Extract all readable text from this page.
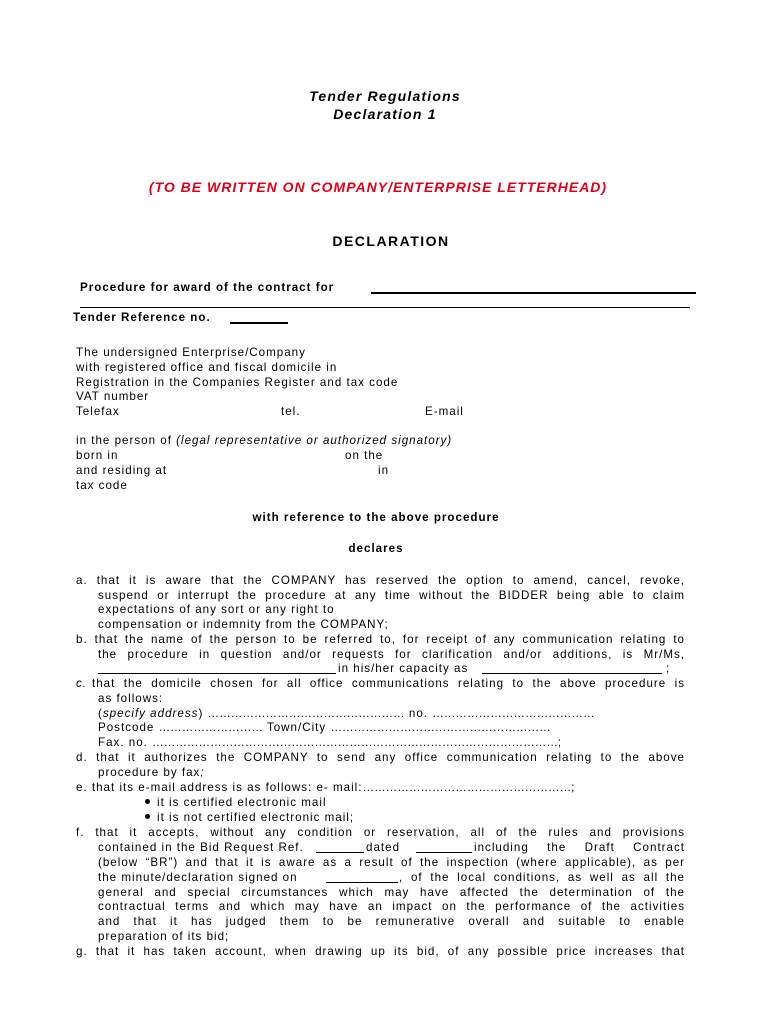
Tender Regulations
Declaration 1
(TO BE WRITTEN ON COMPANY/ENTERPRISE LETTERHEAD)
DECLARATION
Procedure for award of the contract for
Tender Reference no.
The undersigned Enterprise/Company
with registered office and fiscal domicile in
Registration in the Companies Register and tax code
VAT number
Telefax	tel.	E-mail
in the person of (legal representative or authorized signatory)
born in	on the
and residing at	in
tax code
with reference to the above procedure
declares
a. that it is aware that the COMPANY has reserved the option to amend, cancel, revoke,
suspend or interrupt the procedure at any time without the BIDDER being able to claim
expectations of any sort or any right to
compensation or indemnity from the COMPANY;
b. that the name of the person to be referred to, for receipt of any communication relating to
the procedure in question and/or requests for clarification and/or additions, is Mr/Ms,
in his/her capacity as	;
c. that the domicile chosen for all office communications relating to the above procedure is
as follows:
(specify address) …………………………………………… no. ……………………………………
Postcode ……………………… Town/City …………………………………………………
Fax. no. ……………………………………………………………………………………………;
d. that it authorizes the COMPANY to send any office communication relating to the above
procedure by fax;
e. that its e-mail address is as follows: e- mail:………………………………………………;
it is certified electronic mail
it is not certified electronic mail;
f. that it accepts, without any condition or reservation, all of the rules and provisions
contained in the Bid Request Ref.	dated	including the Draft Contract
(below “BR”) and that it is aware as a result of the inspection (where applicable), as per
the minute/declaration signed on	, of the local conditions, as well as all the
general and special circumstances which may have affected the determination of the
contractual terms and which may have an impact on the performance of the activities
and that it has judged them to be remunerative overall and suitable to enable
preparation of its bid;
g. that it has taken account, when drawing up its bid, of any possible price increases that
